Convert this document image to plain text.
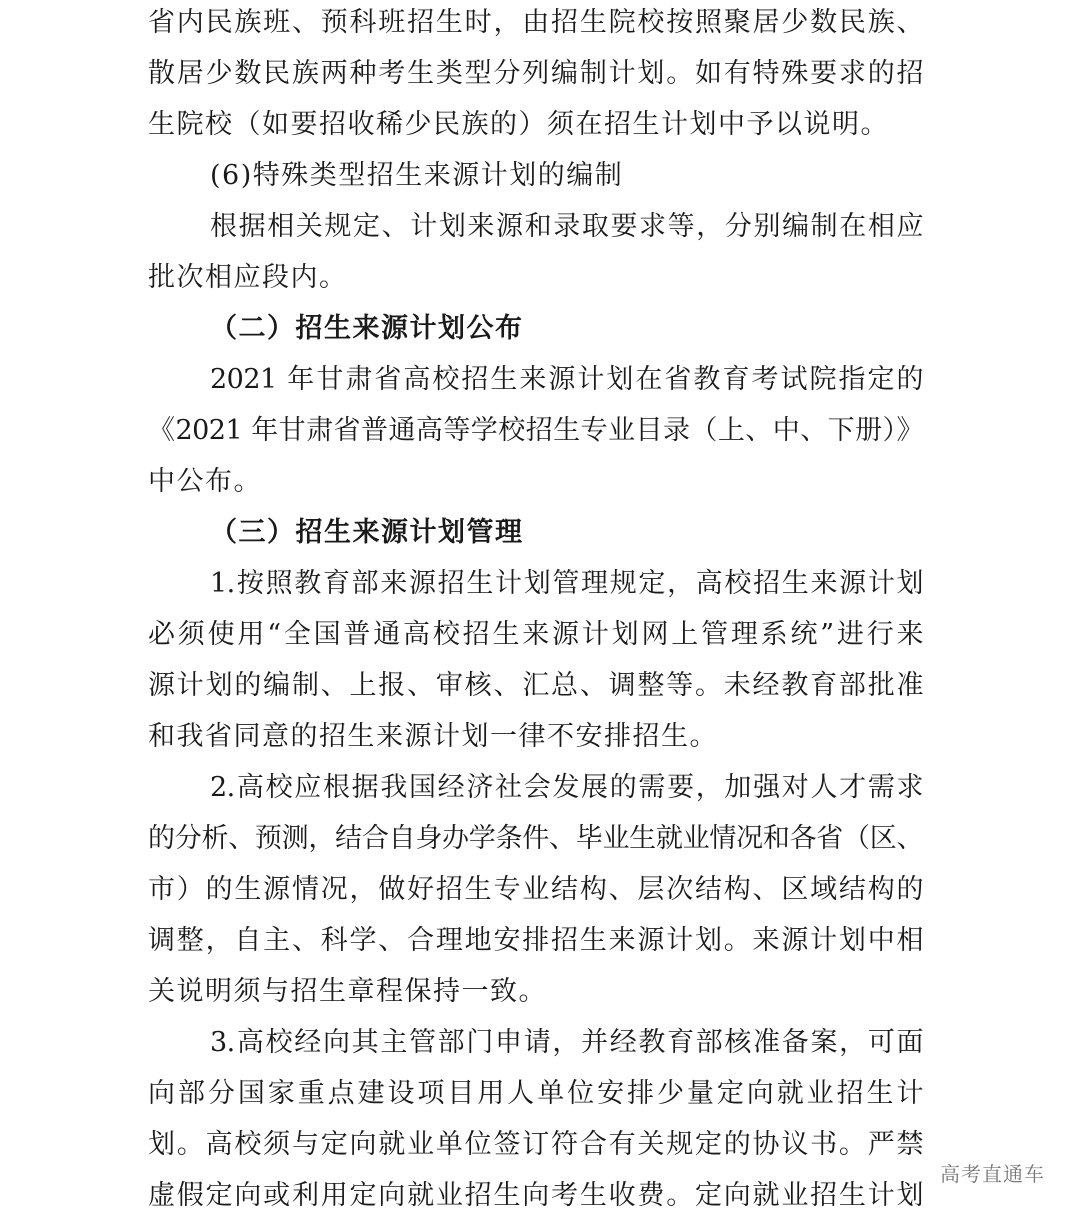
省内民族班、预科班招生时，由招生院校按照聚居少数民族、
散居少数民族两种考生类型分列编制计划。如有特殊要求的招
生院校（如要招收稀少民族的）须在招生计划中予以说明。
(6)特殊类型招生来源计划的编制
根据相关规定、计划来源和录取要求等，分别编制在相应
批次相应段内。
（二）招生来源计划公布
2021 年甘肃省高校招生来源计划在省教育考试院指定的
《2021 年甘肃省普通高等学校招生专业目录（上、中、下册）》
中公布。
（三）招生来源计划管理
1.按照教育部来源招生计划管理规定，高校招生来源计划
必须使用“全国普通高校招生来源计划网上管理系统”进行来
源计划的编制、上报、审核、汇总、调整等。未经教育部批准
和我省同意的招生来源计划一律不安排招生。
2.高校应根据我国经济社会发展的需要，加强对人才需求
的分析、预测，结合自身办学条件、毕业生就业情况和各省（区、
市）的生源情况，做好招生专业结构、层次结构、区域结构的
调整，自主、科学、合理地安排招生来源计划。来源计划中相
关说明须与招生章程保持一致。
3.高校经向其主管部门申请，并经教育部核准备案，可面
向部分国家重点建设项目用人单位安排少量定向就业招生计
划。高校须与定向就业单位签订符合有关规定的协议书。严禁
虚假定向或利用定向就业招生向考生收费。定向就业招生计划
高考直通车
